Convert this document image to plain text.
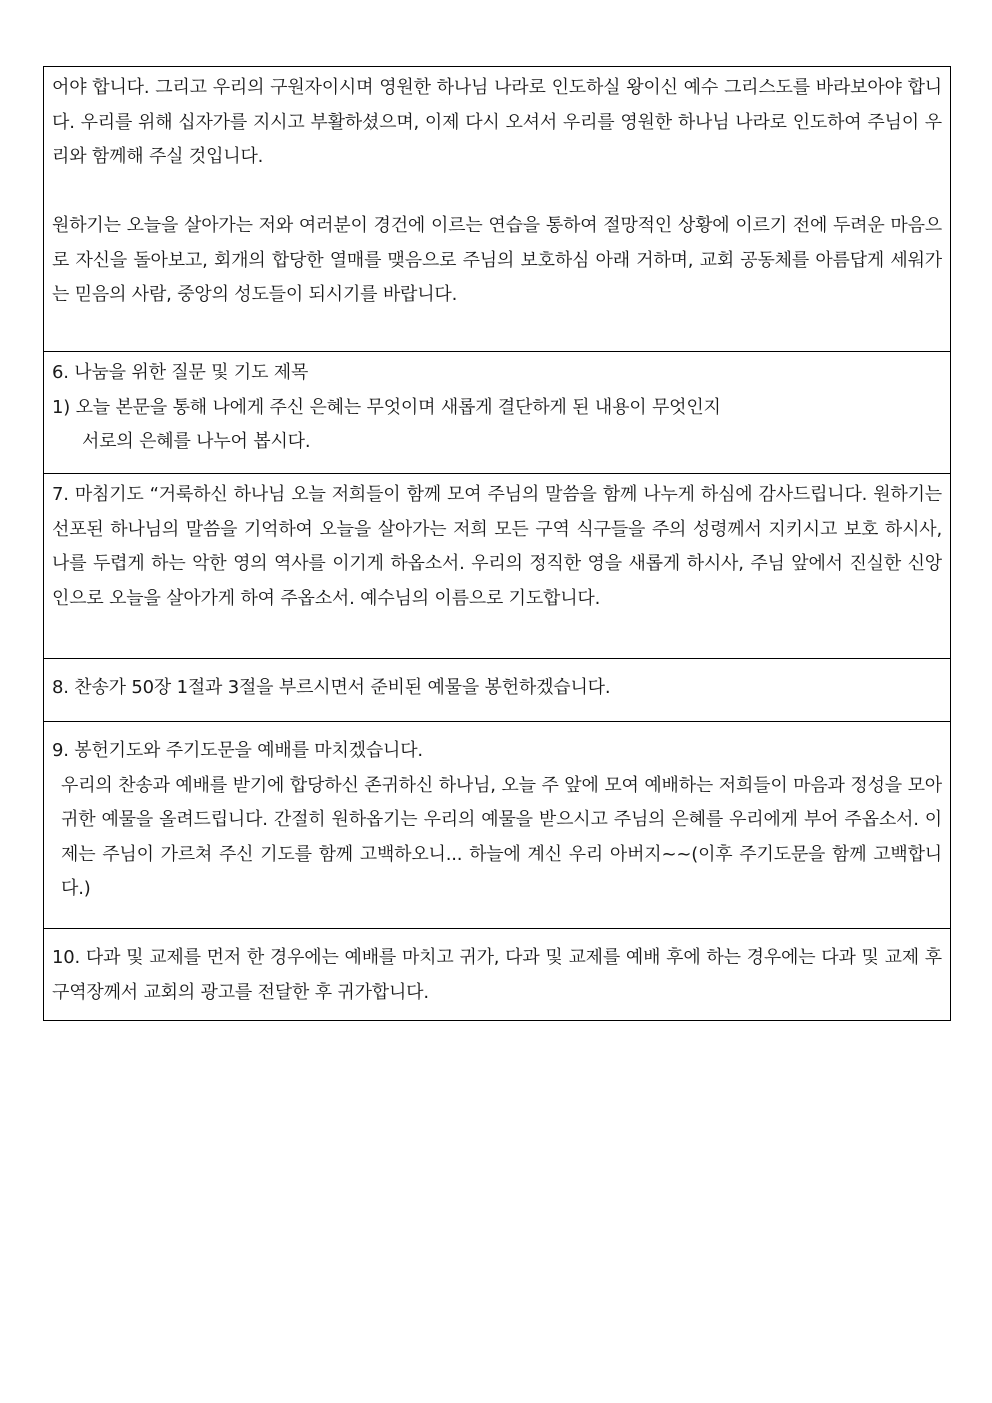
어야 합니다. 그리고 우리의 구원자이시며 영원한 하나님 나라로 인도하실 왕이신 예수 그리스도를 바라보아야 합니다. 우리를 위해 십자가를 지시고 부활하셨으며, 이제 다시 오셔서 우리를 영원한 하나님 나라로 인도하여 주님이 우리와 함께해 주실 것입니다.

원하기는 오늘을 살아가는 저와 여러분이 경건에 이르는 연습을 통하여 절망적인 상황에 이르기 전에 두려운 마음으로 자신을 돌아보고, 회개의 합당한 열매를 맺음으로 주님의 보호하심 아래 거하며, 교회 공동체를 아름답게 세워가는 믿음의 사람, 중앙의 성도들이 되시기를 바랍니다.

6. 나눔을 위한 질문 및 기도 제목

1) 오늘 본문을 통해 나에게 주신 은혜는 무엇이며 새롭게 결단하게 된 내용이 무엇인지

서로의 은혜를 나누어 봅시다.

7. 마침기도 “거룩하신 하나님 오늘 저희들이 함께 모여 주님의 말씀을 함께 나누게 하심에 감사드립니다. 원하기는 선포된 하나님의 말씀을 기억하여 오늘을 살아가는 저희 모든 구역 식구들을 주의 성령께서 지키시고 보호 하시사, 나를 두렵게 하는 악한 영의 역사를 이기게 하옵소서. 우리의 정직한 영을 새롭게 하시사, 주님 앞에서 진실한 신앙인으로 오늘을 살아가게 하여 주옵소서. 예수님의 이름으로 기도합니다.

8. 찬송가 50장 1절과 3절을 부르시면서 준비된 예물을 봉헌하겠습니다.

9. 봉헌기도와 주기도문을 예배를 마치겠습니다.

우리의 찬송과 예배를 받기에 합당하신 존귀하신 하나님, 오늘 주 앞에 모여 예배하는 저희들이 마음과 정성을 모아 귀한 예물을 올려드립니다. 간절히 원하옵기는 우리의 예물을 받으시고 주님의 은혜를 우리에게 부어 주옵소서. 이제는 주님이 가르쳐 주신 기도를 함께 고백하오니... 하늘에 계신 우리 아버지~~(이후 주기도문을 함께 고백합니다.)

10. 다과 및 교제를 먼저 한 경우에는 예배를 마치고 귀가, 다과 및 교제를 예배 후에 하는 경우에는 다과 및 교제 후 구역장께서 교회의 광고를 전달한 후 귀가합니다.
